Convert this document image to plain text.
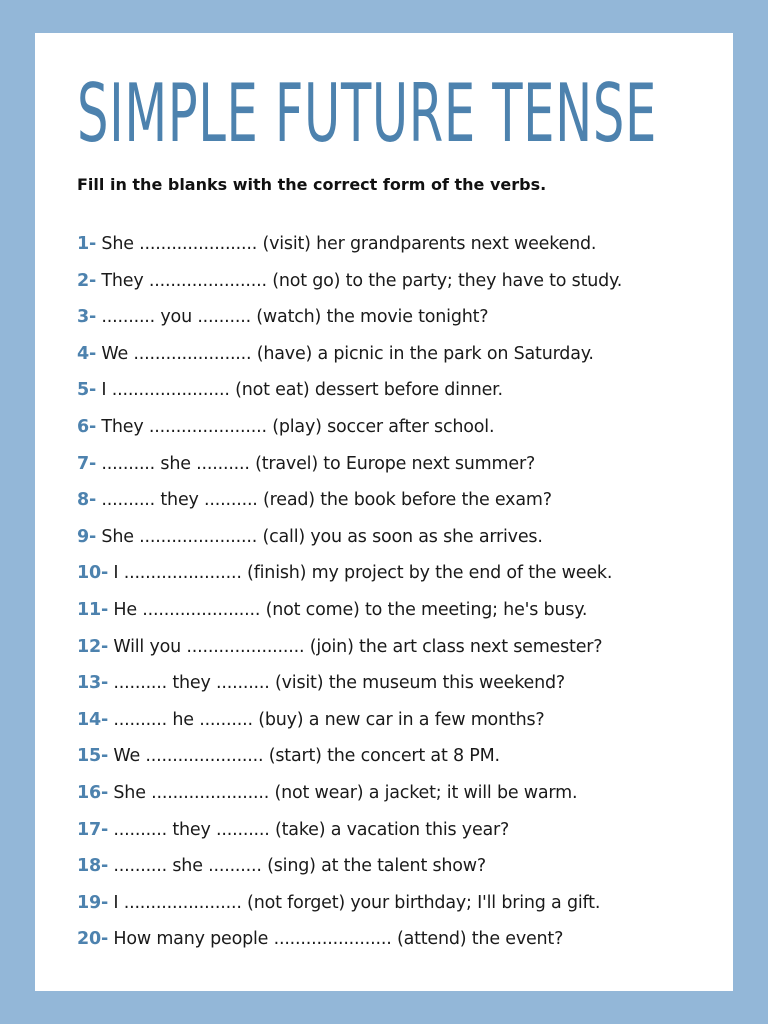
SIMPLE FUTURE TENSE

Fill in the blanks with the correct form of the verbs.

1- She ...................... (visit) her grandparents next weekend.
2- They ...................... (not go) to the party; they have to study.
3- .......... you .......... (watch) the movie tonight?
4- We ...................... (have) a picnic in the park on Saturday.
5- I ...................... (not eat) dessert before dinner.
6- They ...................... (play) soccer after school.
7- .......... she .......... (travel) to Europe next summer?
8- .......... they .......... (read) the book before the exam?
9- She ...................... (call) you as soon as she arrives.
10- I ...................... (finish) my project by the end of the week.
11- He ...................... (not come) to the meeting; he's busy.
12- Will you ...................... (join) the art class next semester?
13- .......... they .......... (visit) the museum this weekend?
14- .......... he .......... (buy) a new car in a few months?
15- We ...................... (start) the concert at 8 PM.
16- She ...................... (not wear) a jacket; it will be warm.
17- .......... they .......... (take) a vacation this year?
18- .......... she .......... (sing) at the talent show?
19- I ...................... (not forget) your birthday; I'll bring a gift.
20- How many people ...................... (attend) the event?
